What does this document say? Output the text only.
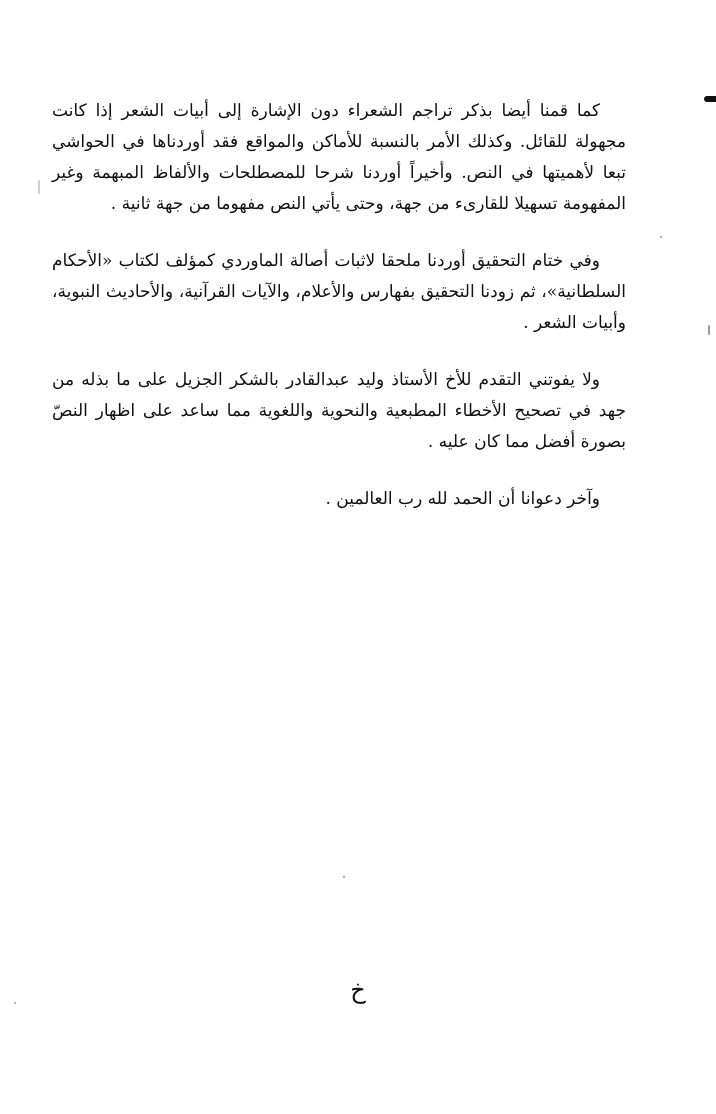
كما قمنا أيضا بذكر تراجم الشعراء دون الإشارة إلى أبيات الشعر إذا كانت مجهولة للقائل. وكذلك الأمر بالنسبة للأماكن والمواقع فقد أوردناها في الحواشي تبعا لأهميتها في النص. وأخيراً أوردنا شرحا للمصطلحات والألفاظ المبهمة وغير المفهومة تسهيلا للقارىء من جهة، وحتى يأتي النص مفهوما من جهة ثانية .

وفي ختام التحقيق أوردنا ملحقا لاثبات أصالة الماوردي كمؤلف لكتاب «الأحكام السلطانية»، ثم زودنا التحقيق بفهارس والأعلام، والآيات القرآنية، والأحاديث النبوية، وأبيات الشعر .

ولا يفوتني التقدم للأخ الأستاذ وليد عبدالقادر بالشكر الجزيل على ما بذله من جهد في تصحيح الأخطاء المطبعية والنحوية واللغوية مما ساعد على اظهار النصّ بصورة أفضل مما كان عليه .

وآخر دعوانا أن الحمد لله رب العالمين .

خ
